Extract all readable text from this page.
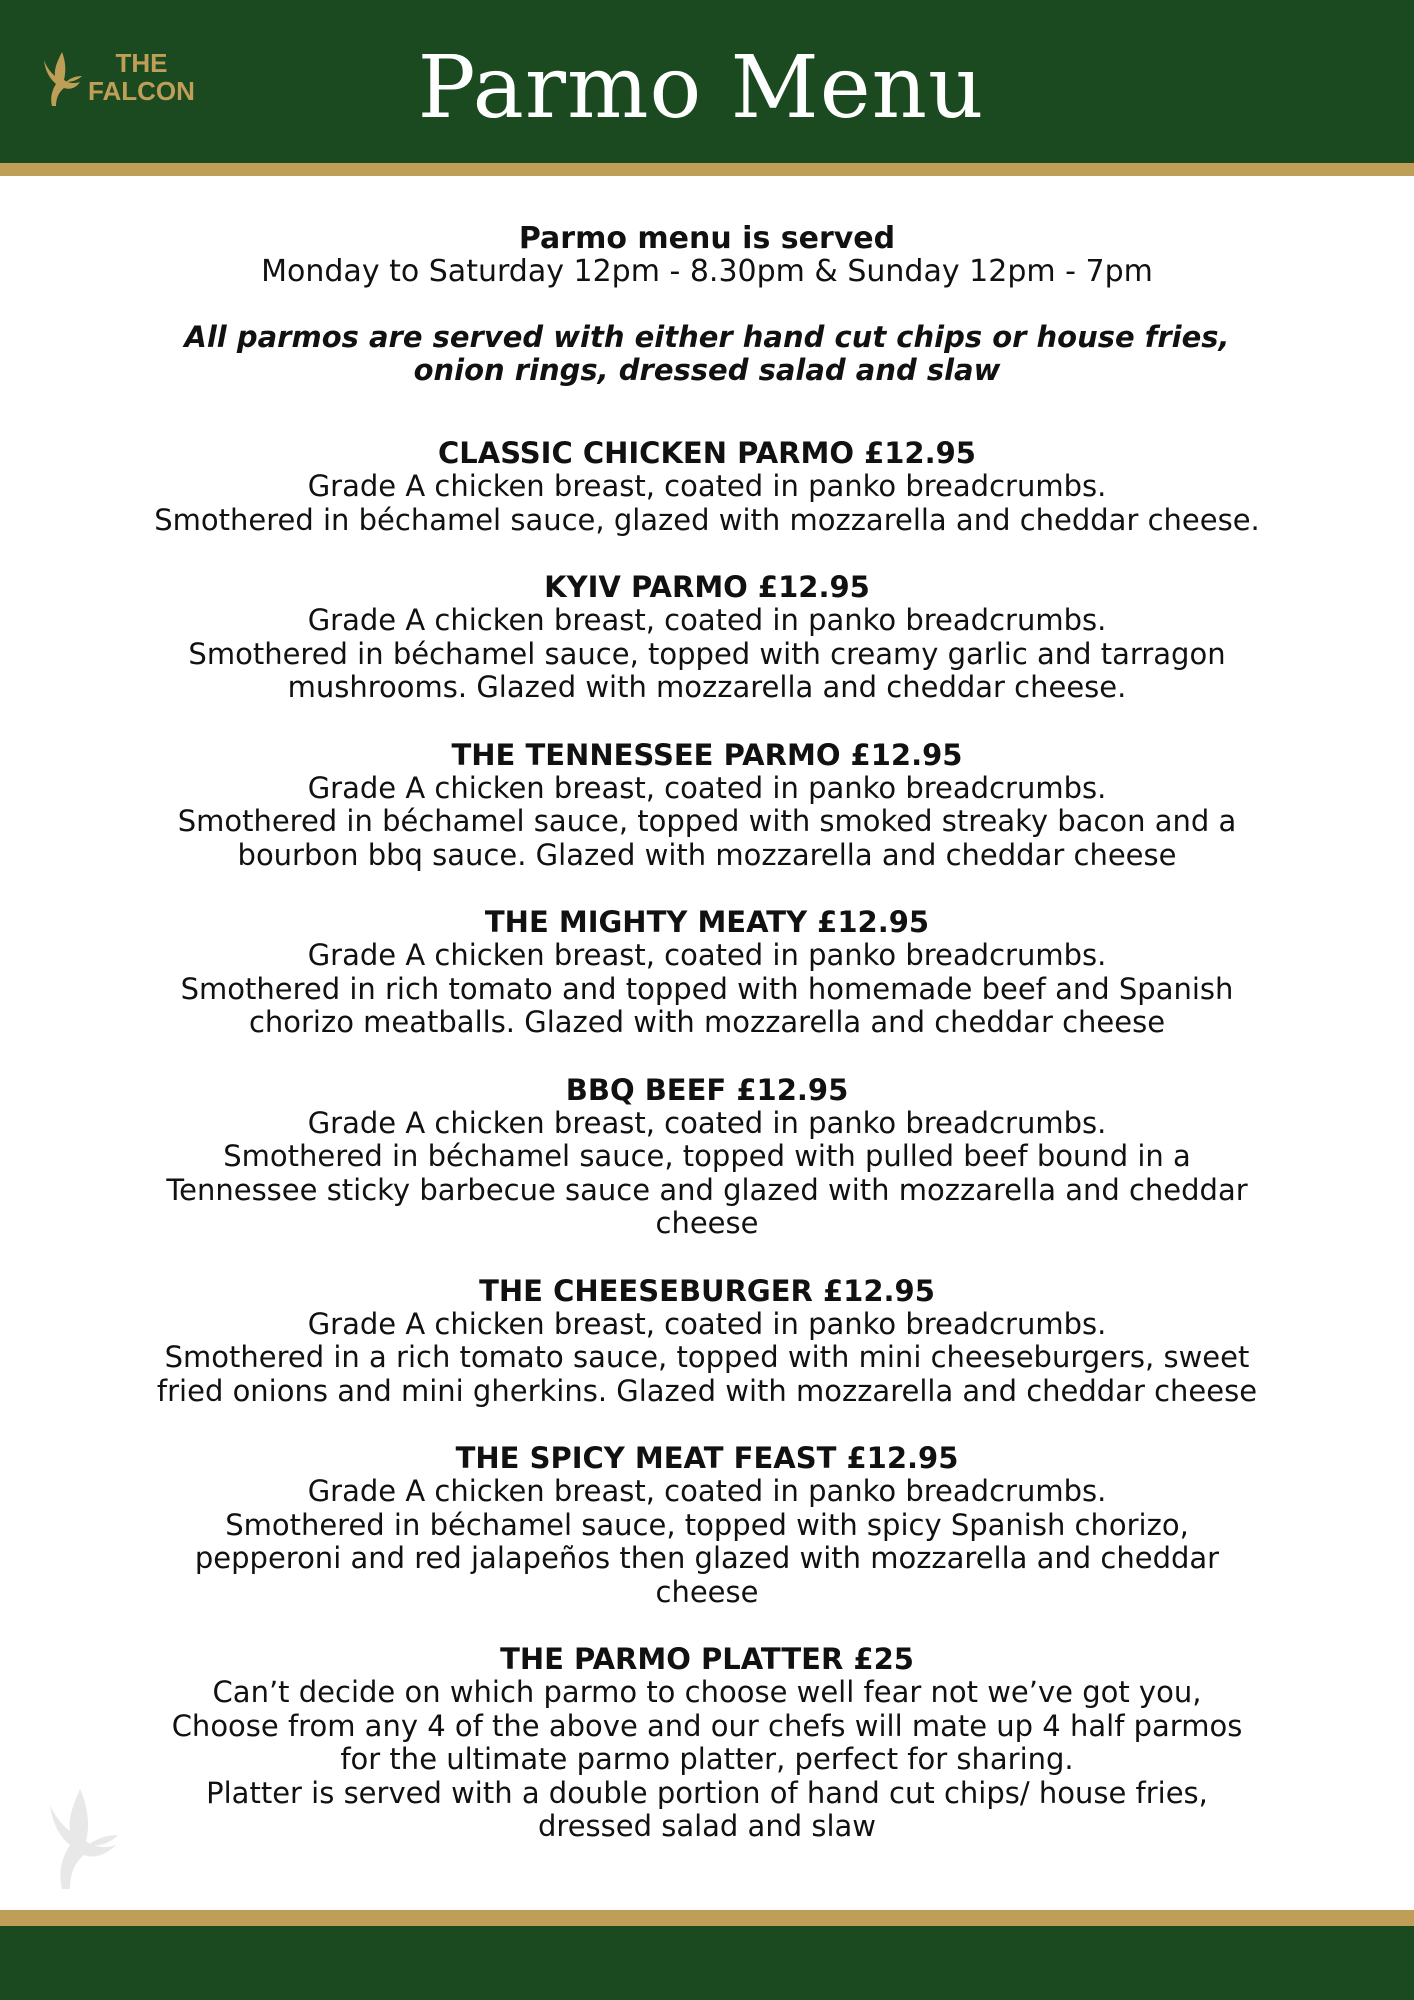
THE
FALCON	Parmo Menu
Parmo menu is served
Monday to Saturday 12pm - 8.30pm & Sunday 12pm - 7pm
All parmos are served with either hand cut chips or house fries,
onion rings, dressed salad and slaw
CLASSIC CHICKEN PARMO £12.95
Grade A chicken breast, coated in panko breadcrumbs.
Smothered in béchamel sauce, glazed with mozzarella and cheddar cheese.
KYIV PARMO £12.95
Grade A chicken breast, coated in panko breadcrumbs.
Smothered in béchamel sauce, topped with creamy garlic and tarragon
mushrooms. Glazed with mozzarella and cheddar cheese.
THE TENNESSEE PARMO £12.95
Grade A chicken breast, coated in panko breadcrumbs.
Smothered in béchamel sauce, topped with smoked streaky bacon and a
bourbon bbq sauce. Glazed with mozzarella and cheddar cheese
THE MIGHTY MEATY £12.95
Grade A chicken breast, coated in panko breadcrumbs.
Smothered in rich tomato and topped with homemade beef and Spanish
chorizo meatballs. Glazed with mozzarella and cheddar cheese
BBQ BEEF £12.95
Grade A chicken breast, coated in panko breadcrumbs.
Smothered in béchamel sauce, topped with pulled beef bound in a
Tennessee sticky barbecue sauce and glazed with mozzarella and cheddar
cheese
THE CHEESEBURGER £12.95
Grade A chicken breast, coated in panko breadcrumbs.
Smothered in a rich tomato sauce, topped with mini cheeseburgers, sweet
fried onions and mini gherkins. Glazed with mozzarella and cheddar cheese
THE SPICY MEAT FEAST £12.95
Grade A chicken breast, coated in panko breadcrumbs.
Smothered in béchamel sauce, topped with spicy Spanish chorizo,
pepperoni and red jalapeños then glazed with mozzarella and cheddar
cheese
THE PARMO PLATTER £25
Can’t decide on which parmo to choose well fear not we’ve got you,
Choose from any 4 of the above and our chefs will mate up 4 half parmos
for the ultimate parmo platter, perfect for sharing.
Platter is served with a double portion of hand cut chips/ house fries,
dressed salad and slaw
